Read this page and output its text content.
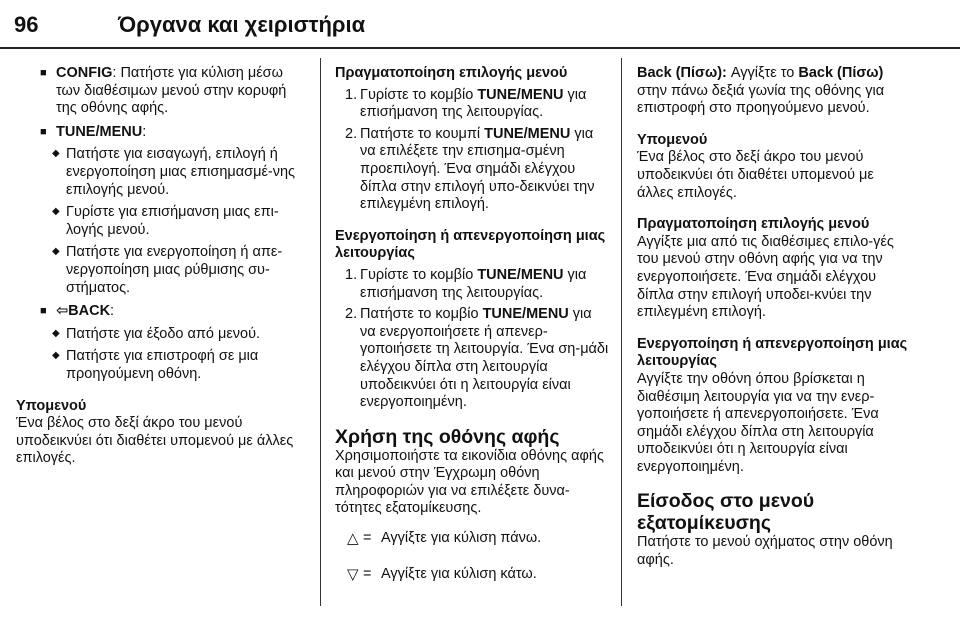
96	Όργανα και χειριστήρια
■ CONFIG: Πατήστε για κύλιση μέσω των διαθέσιμων μενού στην κορυφή της οθόνης αφής.
■ TUNE/MENU:
◆ Πατήστε για εισαγωγή, επιλογή ή ενεργοποίηση μιας επισημασμέ-νης επιλογής μενού.
◆ Γυρίστε για επισήμανση μιας επι-λογής μενού.
◆ Πατήστε για ενεργοποίηση ή απε-νεργοποίηση μιας ρύθμισης συ-στήματος.
■ ⇦BACK:
◆ Πατήστε για έξοδο από μενού.
◆ Πατήστε για επιστροφή σε μια προηγούμενη οθόνη.
Υπομενού

Ένα βέλος στο δεξί άκρο του μενού υποδεικνύει ότι διαθέτει υπομενού με άλλες επιλογές.

Πραγματοποίηση επιλογής μενού
1. Γυρίστε το κομβίο TUNE/MENU για επισήμανση της λειτουργίας.
2. Πατήστε το κουμπί TUNE/MENU για να επιλέξετε την επισημα-σμένη προεπιλογή. Ένα σημάδι ελέγχου δίπλα στην επιλογή υπο-δεικνύει την επιλεγμένη επιλογή.
Ενεργοποίηση ή απενεργοποίηση μιας λειτουργίας
1. Γυρίστε το κομβίο TUNE/MENU για επισήμανση της λειτουργίας.
2. Πατήστε το κομβίο TUNE/MENU για να ενεργοποιήσετε ή απενερ-γοποιήσετε τη λειτουργία. Ένα ση-μάδι ελέγχου δίπλα στη λειτουργία υποδεικνύει ότι η λειτουργία είναι ενεργοποιημένη.
Χρήση της οθόνης αφής

Χρησιμοποιήστε τα εικονίδια οθόνης αφής και μενού στην Έγχρωμη οθόνη πληροφοριών για να επιλέξετε δυνα-τότητες εξατομίκευσης.

△ = Αγγίξτε για κύλιση πάνω.
▽ = Αγγίξτε για κύλιση κάτω.

Back (Πίσω): Αγγίξτε το Back (Πίσω) στην πάνω δεξιά γωνία της οθόνης για επιστροφή στο προηγούμενο μενού.

Υπομενού

Ένα βέλος στο δεξί άκρο του μενού υποδεικνύει ότι διαθέτει υπομενού με άλλες επιλογές.

Πραγματοποίηση επιλογής μενού

Αγγίξτε μια από τις διαθέσιμες επιλο-γές του μενού στην οθόνη αφής για να την ενεργοποιήσετε. Ένα σημάδι ελέγχου δίπλα στην επιλογή υποδει-κνύει την επιλεγμένη επιλογή.

Ενεργοποίηση ή απενεργοποίηση μιας λειτουργίας

Αγγίξτε την οθόνη όπου βρίσκεται η διαθέσιμη λειτουργία για να την ενερ-γοποιήσετε ή απενεργοποιήσετε. Ένα σημάδι ελέγχου δίπλα στη λειτουργία υποδεικνύει ότι η λειτουργία είναι ενεργοποιημένη.

Είσοδος στο μενού εξατομίκευσης

Πατήστε το μενού οχήματος στην οθόνη αφής.
